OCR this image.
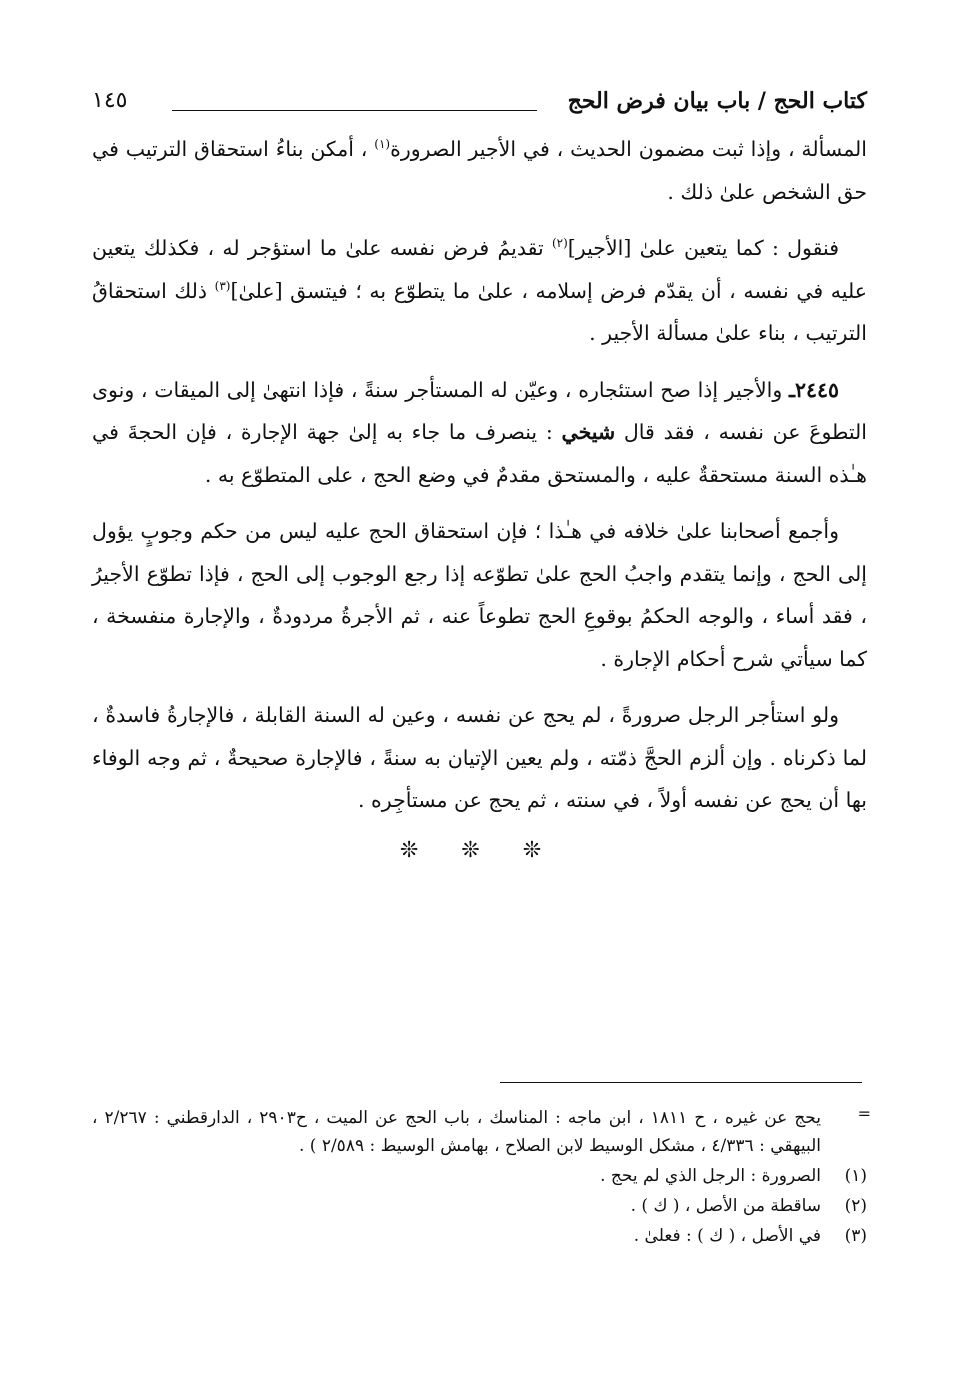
كتاب الحج / باب بيان فرض الحج
١٤٥

المسألة ، وإذا ثبت مضمون الحديث ، في الأجير الصرورة$^{(١)}$ ، أمكن بناءُ استحقاق الترتيب في حق الشخص علىٰ ذلك .

فنقول : كما يتعين علىٰ [الأجير]$^{(٢)}$ تقديمُ فرض نفسه علىٰ ما استؤجر له ، فكذلك يتعين عليه في نفسه ، أن يقدّم فرض إسلامه ، علىٰ ما يتطوّع به ؛ فيتسق [علىٰ]$^{(٣)}$ ذلك استحقاقُ الترتيب ، بناء علىٰ مسألة الأجير .

٢٤٤٥ـ والأجير إذا صح استئجاره ، وعيّن له المستأجر سنةً ، فإذا انتهىٰ إلى الميقات ، ونوى التطوعَ عن نفسه ، فقد قال شيخي : ينصرف ما جاء به إلىٰ جهة الإجارة ، فإن الحجةَ في هـٰذه السنة مستحقةٌ عليه ، والمستحق مقدمٌ في وضع الحج ، على المتطوّع به .

وأجمع أصحابنا علىٰ خلافه في هـٰذا ؛ فإن استحقاق الحج عليه ليس من حكم وجوبٍ يؤول إلى الحج ، وإنما يتقدم واجبُ الحج علىٰ تطوّعه إذا رجع الوجوب إلى الحج ، فإذا تطوّع الأجيرُ ، فقد أساء ، والوجه الحكمُ بوقوعِ الحج تطوعاً عنه ، ثم الأجرةُ مردودةٌ ، والإجارة منفسخة ، كما سيأتي شرح أحكام الإجارة .

ولو استأجر الرجل صرورةً ، لم يحج عن نفسه ، وعين له السنة القابلة ، فالإجارةُ فاسدةٌ ، لما ذكرناه . وإن ألزم الحجَّ ذمّته ، ولم يعين الإتيان به سنةً ، فالإجارة صحيحةٌ ، ثم وجه الوفاء بها أن يحج عن نفسه أولاً ، في سنته ، ثم يحج عن مستأجِره .

❊ ❊ ❊
=
يحج عن غيره ، ح ١٨١١ ، ابن ماجه : المناسك ، باب الحج عن الميت ، ح٢٩٠٣ ، الدارقطني : ٢/٢٦٧ ، البيهقي : ٤/٣٣٦ ، مشكل الوسيط لابن الصلاح ، بهامش الوسيط : ٢/٥٨٩ ) .
(١)
الصرورة : الرجل الذي لم يحج .
(٢)
ساقطة من الأصل ، ( ك ) .
(٣)
في الأصل ، ( ك ) : فعلىٰ .
